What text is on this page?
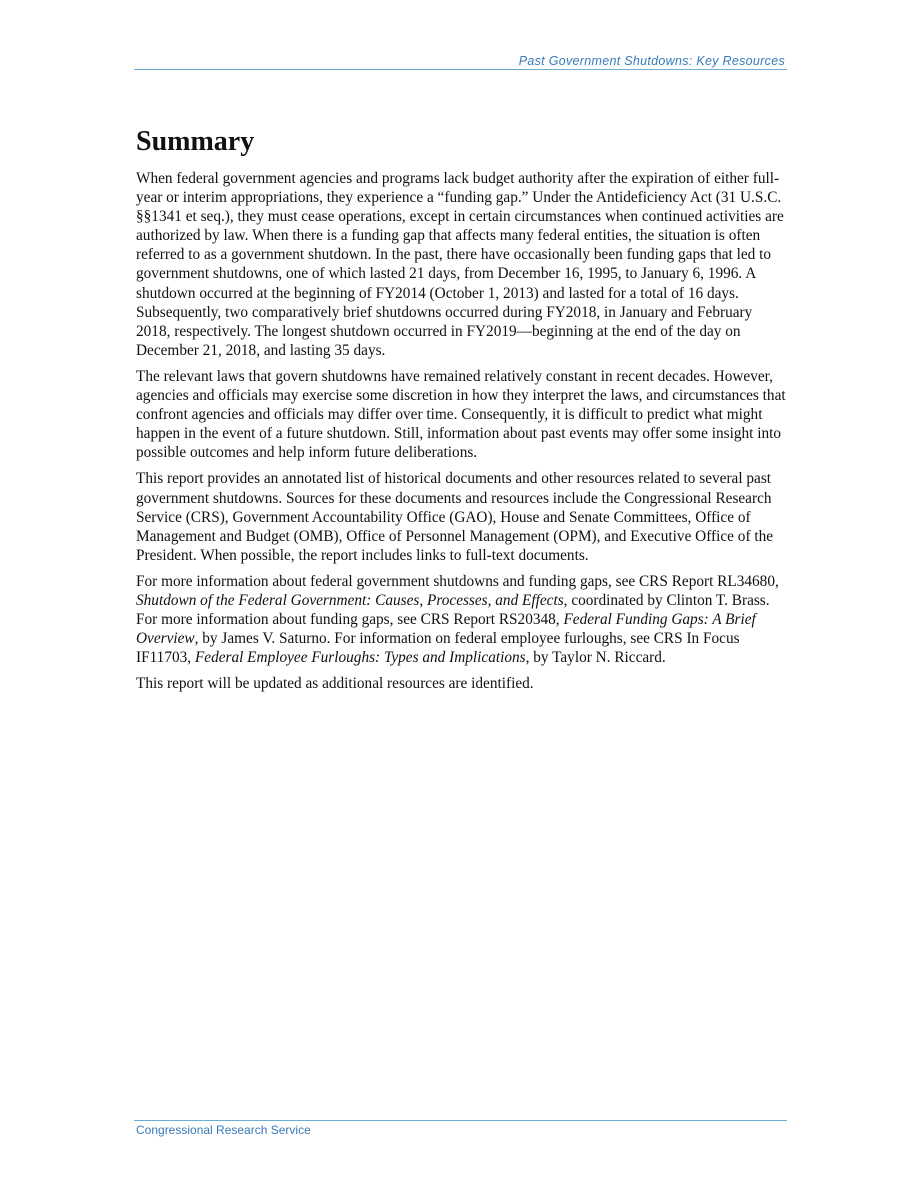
Past Government Shutdowns: Key Resources
Summary

When federal government agencies and programs lack budget authority after the expiration of either full-year or interim appropriations, they experience a “funding gap.” Under the Antideficiency Act (31 U.S.C. §§1341 et seq.), they must cease operations, except in certain circumstances when continued activities are authorized by law. When there is a funding gap that affects many federal entities, the situation is often referred to as a government shutdown. In the past, there have occasionally been funding gaps that led to government shutdowns, one of which lasted 21 days, from December 16, 1995, to January 6, 1996. A shutdown occurred at the beginning of FY2014 (October 1, 2013) and lasted for a total of 16 days. Subsequently, two comparatively brief shutdowns occurred during FY2018, in January and February 2018, respectively. The longest shutdown occurred in FY2019—beginning at the end of the day on December 21, 2018, and lasting 35 days.

The relevant laws that govern shutdowns have remained relatively constant in recent decades. However, agencies and officials may exercise some discretion in how they interpret the laws, and circumstances that confront agencies and officials may differ over time. Consequently, it is difficult to predict what might happen in the event of a future shutdown. Still, information about past events may offer some insight into possible outcomes and help inform future deliberations.

This report provides an annotated list of historical documents and other resources related to several past government shutdowns. Sources for these documents and resources include the Congressional Research Service (CRS), Government Accountability Office (GAO), House and Senate Committees, Office of Management and Budget (OMB), Office of Personnel Management (OPM), and Executive Office of the President. When possible, the report includes links to full-text documents.

For more information about federal government shutdowns and funding gaps, see CRS Report RL34680, Shutdown of the Federal Government: Causes, Processes, and Effects, coordinated by Clinton T. Brass. For more information about funding gaps, see CRS Report RS20348, Federal Funding Gaps: A Brief Overview, by James V. Saturno. For information on federal employee furloughs, see CRS In Focus IF11703, Federal Employee Furloughs: Types and Implications, by Taylor N. Riccard.

This report will be updated as additional resources are identified.

Congressional Research Service
